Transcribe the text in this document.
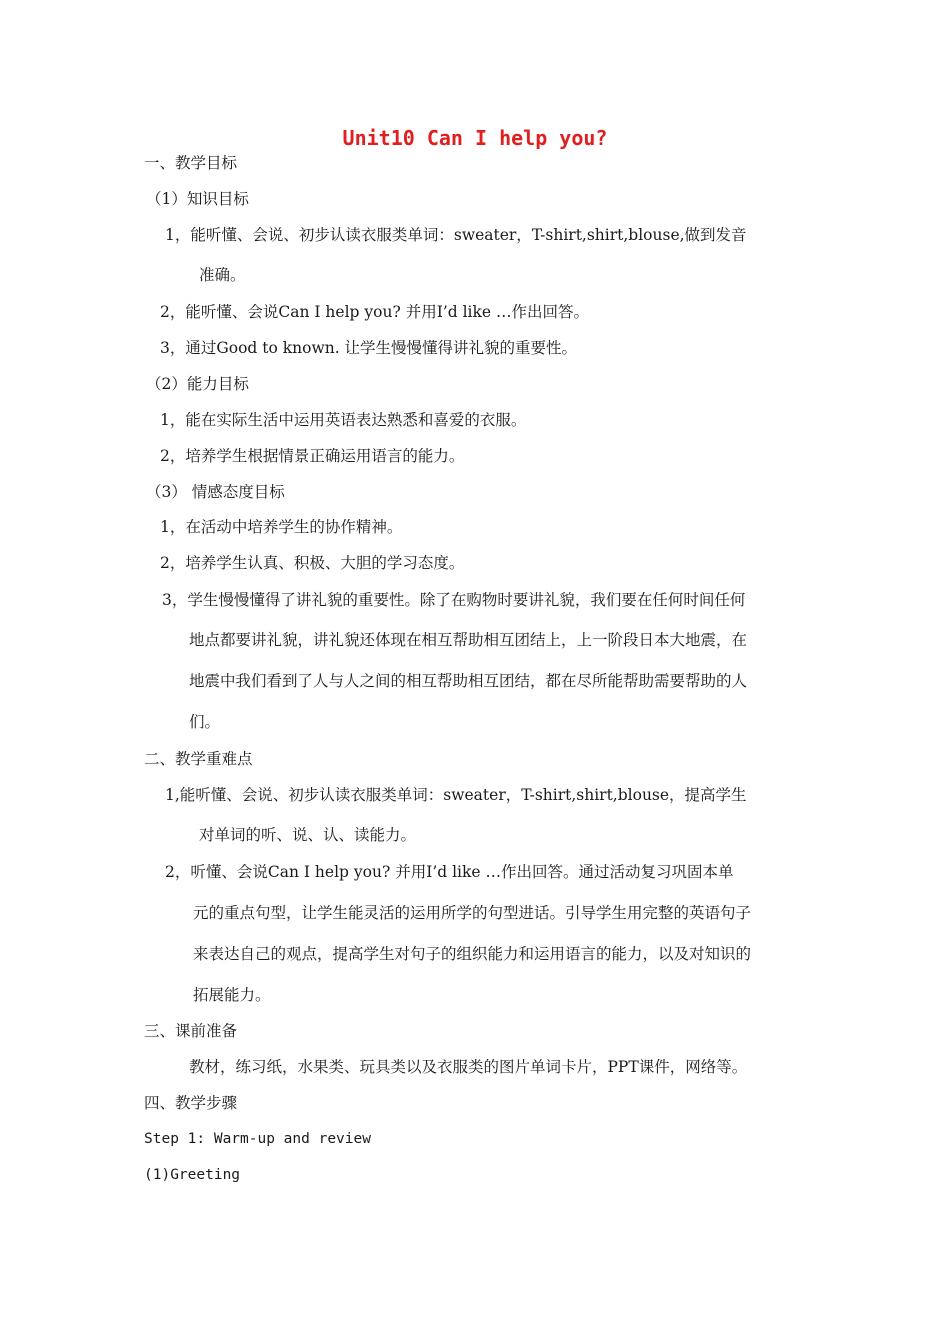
Unit10 Can I help you?
一、教学目标
（1）知识目标
1，能听懂、会说、初步认读衣服类单词：sweater，T-shirt,shirt,blouse,做到发音
准确。
2，能听懂、会说Can I help you? 并用I’d like …作出回答。
3，通过Good to known. 让学生慢慢懂得讲礼貌的重要性。
（2）能力目标
1，能在实际生活中运用英语表达熟悉和喜爱的衣服。
2，培养学生根据情景正确运用语言的能力。
（3） 情感态度目标
1，在活动中培养学生的协作精神。
2，培养学生认真、积极、大胆的学习态度。
3，学生慢慢懂得了讲礼貌的重要性。除了在购物时要讲礼貌，我们要在任何时间任何
地点都要讲礼貌，讲礼貌还体现在相互帮助相互团结上，上一阶段日本大地震，在
地震中我们看到了人与人之间的相互帮助相互团结，都在尽所能帮助需要帮助的人
们。
二、教学重难点
1,能听懂、会说、初步认读衣服类单词：sweater，T-shirt,shirt,blouse，提高学生
对单词的听、说、认、读能力。
2，听懂、会说Can I help you? 并用I’d like …作出回答。通过活动复习巩固本单
元的重点句型，让学生能灵活的运用所学的句型进话。引导学生用完整的英语句子
来表达自己的观点，提高学生对句子的组织能力和运用语言的能力，以及对知识的
拓展能力。
三、课前准备
教材，练习纸，水果类、玩具类以及衣服类的图片单词卡片，PPT课件，网络等。
四、教学步骤
Step 1: Warm-up and review
(1)Greeting
